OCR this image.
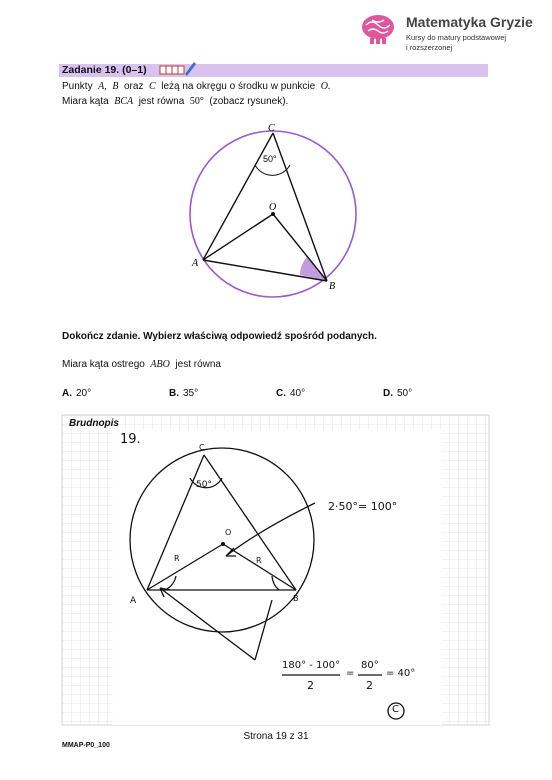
Matematyka Gryzie
Kursy do matury podstawowej
i rozszerzonej
Zadanie 19. (0–1)
Punkty A, B oraz C leżą na okręgu o środku w punkcie O.
Miara kąta BCA jest równa 50° (zobacz rysunek).
C
O
A
B
50°
Dokończ zdanie. Wybierz właściwą odpowiedź spośród podanych.
Miara kąta ostrego ABO jest równa
A. 20°	B. 35°	C. 40°	D. 50°
Brudnopis
19.
C
O
A	B
50°
R	R
2·50°= 100°
180° - 100°
2
=
80°
2
= 40°
C
Strona 19 z 31
MMAP-P0_100
